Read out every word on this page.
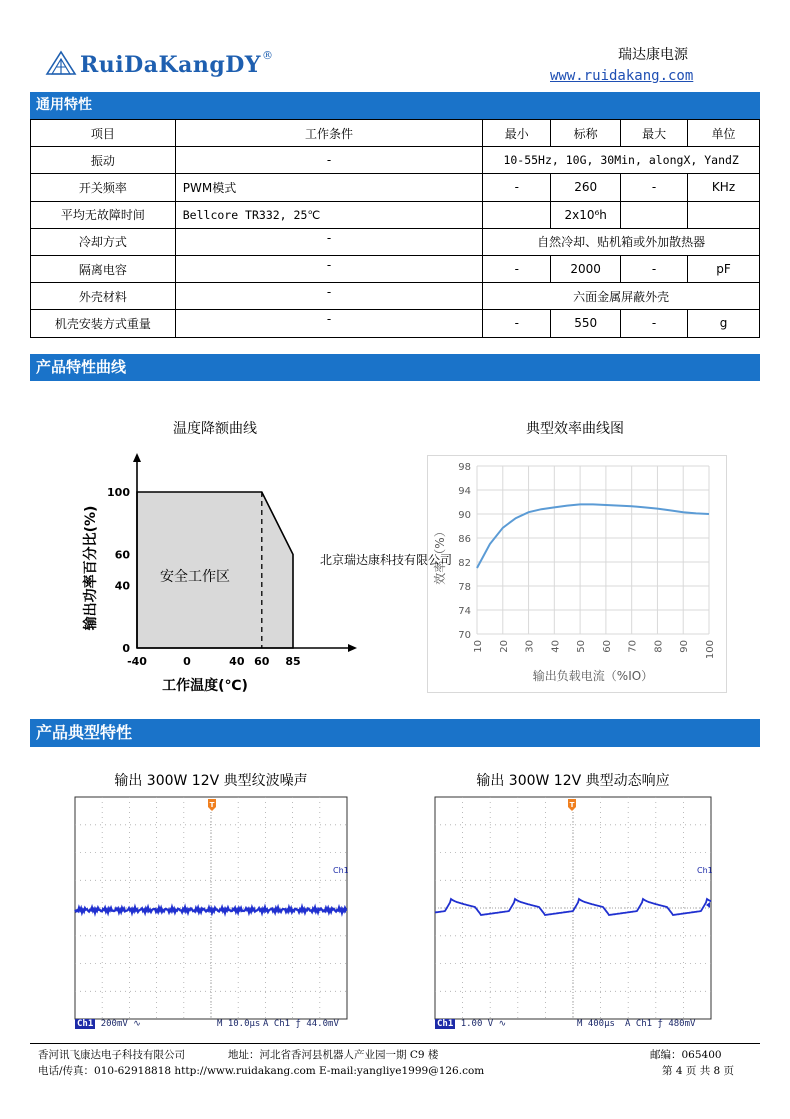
RuiDaKangDY ®	瑞达康电源
www.ruidakang.com
通用特性
项目	工作条件	最小	标称	最大	单位
振动	-	10-55Hz, 10G, 30Min, alongX, YandZ			
开关频率	PWM模式	-	260	-	KHz
平均无故障时间	Bellcore TR332, 25℃		2x10⁶h		
冷却方式	-	自然冷却、贴机箱或外加散热器			
隔离电容	-	-	2000	-	pF
外壳材料	-	六面金属屏蔽外壳			
机壳安装方式重量	-	-	550	-	g
产品特性曲线
温度降额曲线	典型效率曲线图
-40	0	40 60 85
0
40
60
100
安全工作区
工作温度(℃)
输出功率百分比(%)
70
74
78
82
86
90
94
98
10 20 30 40 50 60 70 80 90 100
输出负载电流（%IO）
效率（%）
北京瑞达康科技有限公司
产品典型特性
输出 300W 12V 典型纹波噪声	输出 300W 12V 典型动态响应
T
Ch1
Ch1 200mV ∿	M 10.0µs A Ch1 ƒ 44.0mV
T
Ch1
Ch1 1.00 V ∿	M 400µs A Ch1 ƒ 480mV
香河讯飞康达电子科技有限公司	地址：河北省香河县机器人产业园一期 C9 楼	邮编：065400
电话/传真：010-62918818 http://www.ruidakang.com E-mail:yangliye1999@126.com	第 4 页 共 8 页
